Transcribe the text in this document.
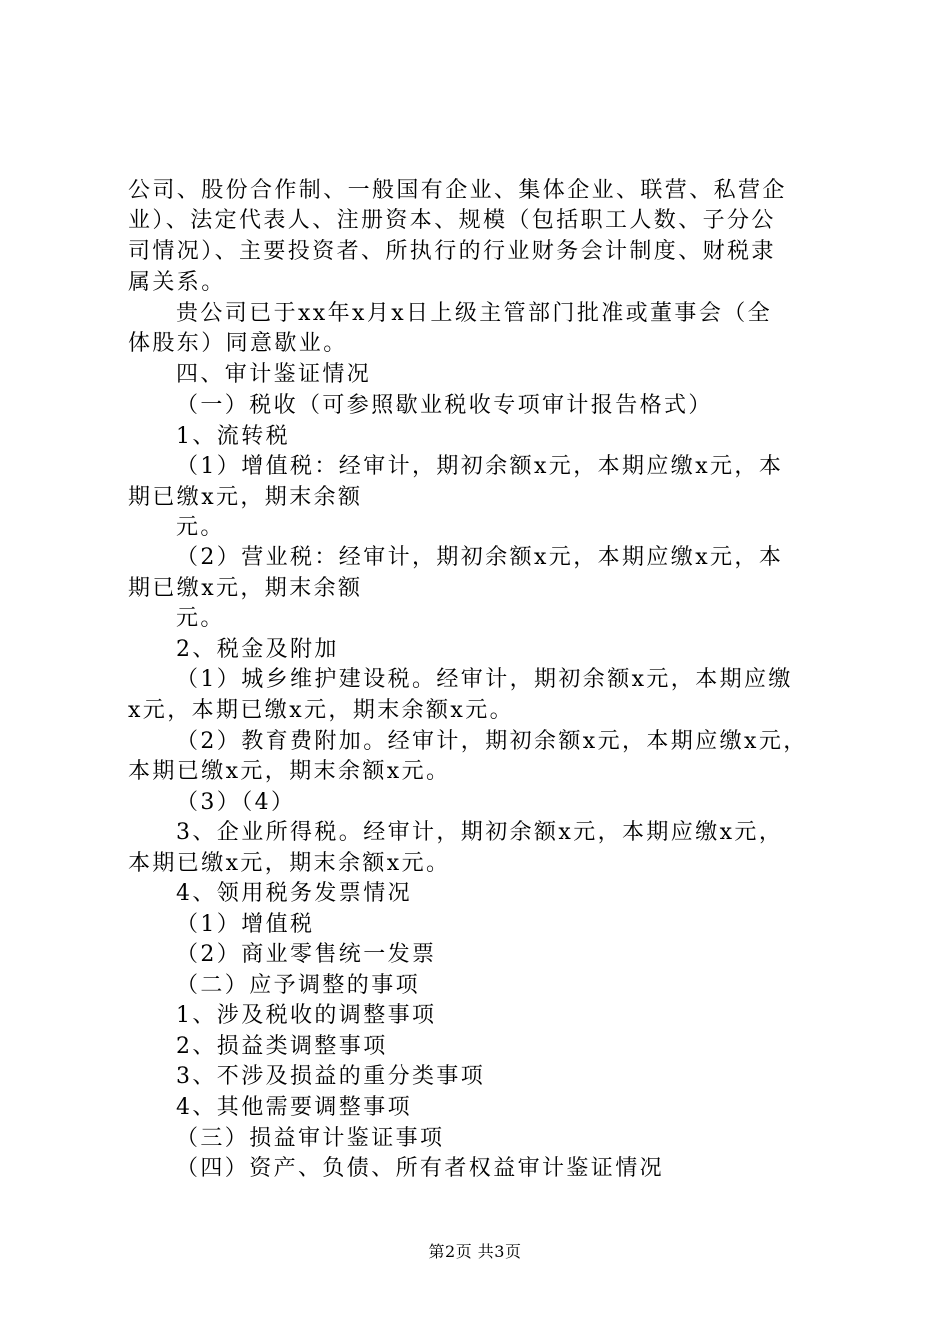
公司、股份合作制、一般国有企业、集体企业、联营、私营企
业）、法定代表人、注册资本、规模（包括职工人数、子分公
司情况）、主要投资者、所执行的行业财务会计制度、财税隶
属关系。
贵公司已于xx年x月x日上级主管部门批准或董事会（全
体股东）同意歇业。
四、审计鉴证情况
（一）税收（可参照歇业税收专项审计报告格式）
1、流转税
（1）增值税：经审计，期初余额x元，本期应缴x元，本
期已缴x元，期末余额
元。
（2）营业税：经审计，期初余额x元，本期应缴x元，本
期已缴x元，期末余额
元。
2、税金及附加
（1）城乡维护建设税。经审计，期初余额x元，本期应缴
x元，本期已缴x元，期末余额x元。
（2）教育费附加。经审计，期初余额x元，本期应缴x元，
本期已缴x元，期末余额x元。
（3）（4）
3、企业所得税。经审计，期初余额x元，本期应缴x元，
本期已缴x元，期末余额x元。
4、领用税务发票情况
（1）增值税
（2）商业零售统一发票
（二）应予调整的事项
1、涉及税收的调整事项
2、损益类调整事项
3、不涉及损益的重分类事项
4、其他需要调整事项
（三）损益审计鉴证事项
（四）资产、负债、所有者权益审计鉴证情况
第2页 共3页
